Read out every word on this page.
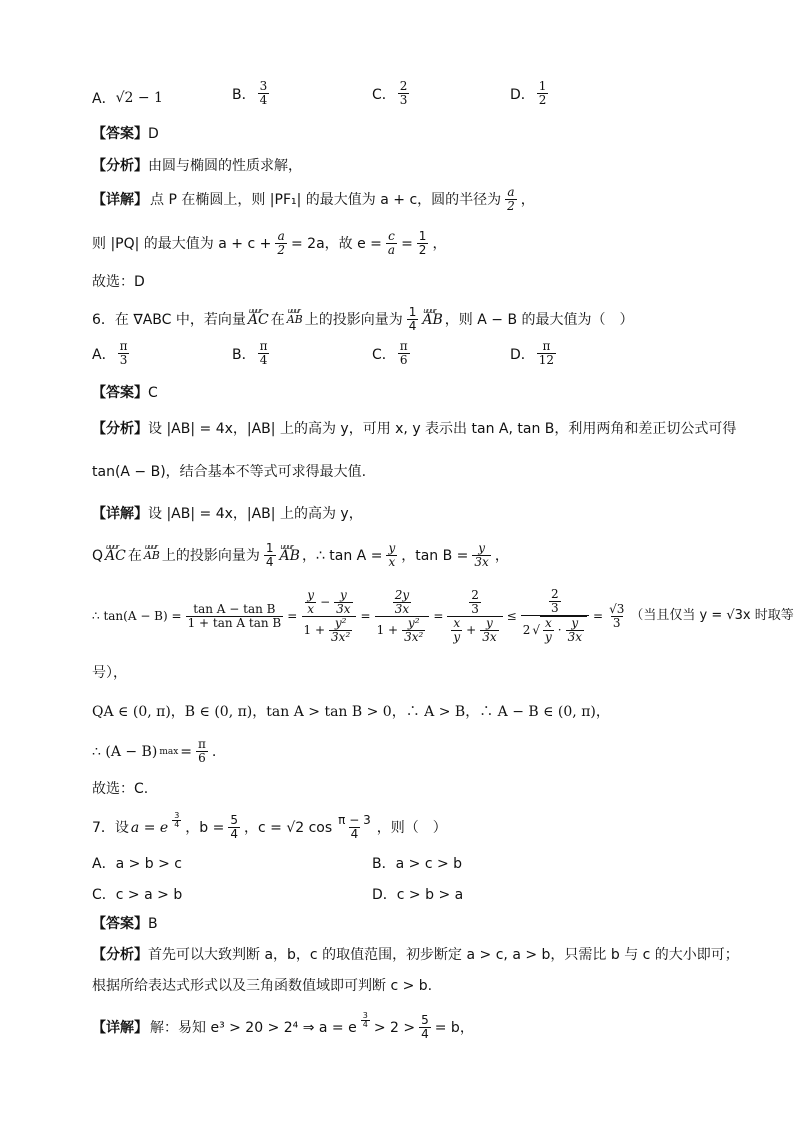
A． √2 − 1	B． $\frac{3}{4}$	C． $\frac{2}{3}$	D． $\frac{1}{2}$
【答案】D
【分析】由圆与椭圆的性质求解，
【详解】 点 P 在椭圆上，则 |PF₁| 的最大值为 a + c，圆的半径为 $\frac{a}{2}$ ，
则 |PQ| 的最大值为 $a + c + \frac{a}{2} = 2a$，故 $e = \frac{c}{a} = \frac{1}{2}$ ，
故选：D
6．在 ∇ABC 中，若向量 uuur AC 在 uuur AB 上的投影向量为 $\frac{1}{4}$ uuur AB ，则 A − B 的最大值为（　）
A． $\frac{\pi}{3}$	B． $\frac{\pi}{4}$	C． $\frac{\pi}{6}$	D． $\frac{\pi}{12}$
【答案】C
【分析】设 |AB| = 4x，|AB| 上的高为 y，可用 x, y 表示出 tan A, tan B，利用两角和差正切公式可得
tan(A − B)，结合基本不等式可求得最大值.
【详解】设 |AB| = 4x，|AB| 上的高为 y，
Q uuur AC 在 uuur AB 上的投影向量为 $\frac{1}{4}$ uuur AB ，∴ $\tan A = \frac{y}{x}$ ，$\tan B = \frac{y}{3x}$ ，
∴ $\tan(A - B) = \frac{\text{tan A − tan B}}{\text{1 + tan A tan B}} = \frac{\frac{y}{x} - \frac{y}{3x}}{1 + \frac{\text{y²}}{\text{3x²}}} = \frac{\frac{2y}{3x}}{1 + \frac{\text{y²}}{\text{3x²}}} = \frac{\frac{2}{3}}{\frac{x}{y} + \frac{y}{3x}} \le \frac{\frac{2}{3}}{2 √ \frac{x}{y} \cdot \frac{y}{3x}} = \frac{√3}{3}$ （当且仅当 y = √3x 时取等
号），
QA ∈ (0, π)，B ∈ (0, π)，tan A > tan B > 0，∴ A > B，∴ A − B ∈ (0, π)，
∴ (A − B) $\max = \frac{\pi}{6}$ .
故选：C.
7．设 a = e $\frac{3}{4}$ ，$b = \frac{5}{4}$ ，c = √2 $\cos \frac{\pi - 3}{4}$ ，则（　）
A．a > b > c	B．a > c > b
C．c > a > b	D．c > b > a
【答案】B
【分析】首先可以大致判断 a，b，c 的取值范围，初步断定 a > c, a > b，只需比 b 与 c 的大小即可；
根据所给表达式形式以及三角函数值域即可判断 c > b.
【详解】 解：易知 e³ > 20 > 2⁴ ⇒ a = e $\frac{3}{4} > 2 > \frac{5}{4} = b$，
